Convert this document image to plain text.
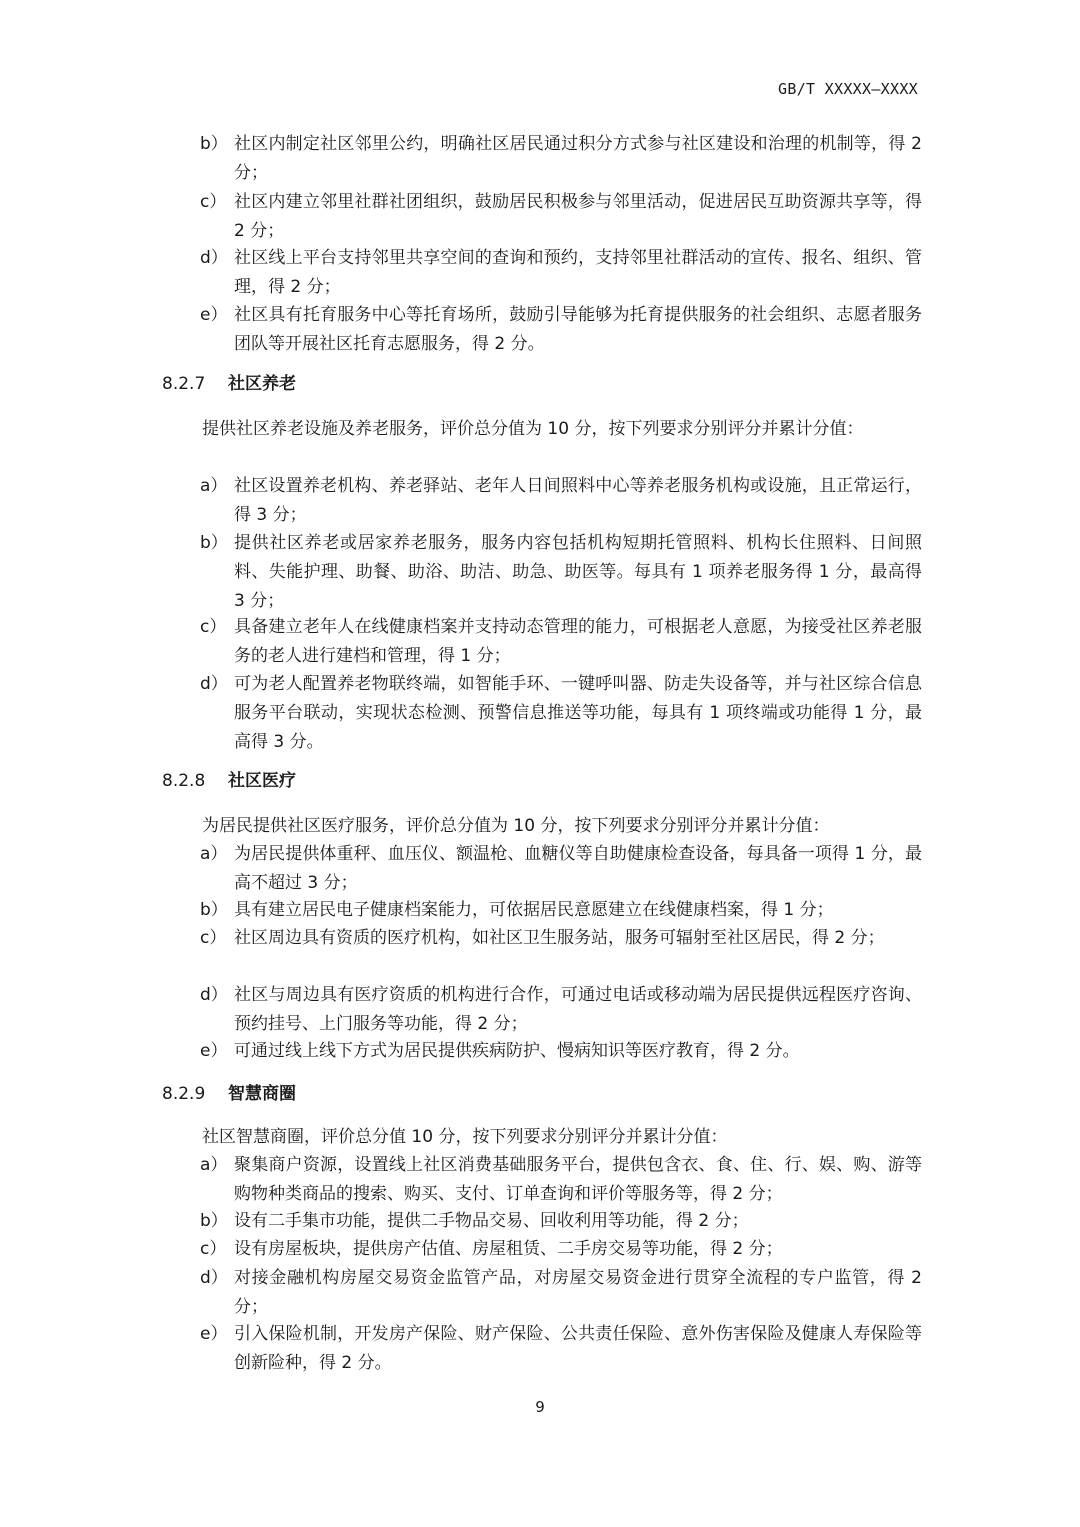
GB/T XXXXX—XXXX
b） 社区内制定社区邻里公约，明确社区居民通过积分方式参与社区建设和治理的机制等，得 2 分；
c） 社区内建立邻里社群社团组织，鼓励居民积极参与邻里活动，促进居民互助资源共享等，得 2 分；
d） 社区线上平台支持邻里共享空间的查询和预约，支持邻里社群活动的宣传、报名、组织、管理，得 2 分；
e） 社区具有托育服务中心等托育场所，鼓励引导能够为托育提供服务的社会组织、志愿者服务团队等开展社区托育志愿服务，得 2 分。
8.2.7 社区养老
提供社区养老设施及养老服务，评价总分值为 10 分，按下列要求分别评分并累计分值：
a） 社区设置养老机构、养老驿站、老年人日间照料中心等养老服务机构或设施，且正常运行，得 3 分；
b） 提供社区养老或居家养老服务，服务内容包括机构短期托管照料、机构长住照料、日间照料、失能护理、助餐、助浴、助洁、助急、助医等。每具有 1 项养老服务得 1 分，最高得 3 分；
c） 具备建立老年人在线健康档案并支持动态管理的能力，可根据老人意愿，为接受社区养老服务的老人进行建档和管理，得 1 分；
d） 可为老人配置养老物联终端，如智能手环、一键呼叫器、防走失设备等，并与社区综合信息服务平台联动，实现状态检测、预警信息推送等功能，每具有 1 项终端或功能得 1 分，最高得 3 分。
8.2.8 社区医疗
为居民提供社区医疗服务，评价总分值为 10 分，按下列要求分别评分并累计分值：
a） 为居民提供体重秤、血压仪、额温枪、血糖仪等自助健康检查设备，每具备一项得 1 分，最高不超过 3 分；
b） 具有建立居民电子健康档案能力，可依据居民意愿建立在线健康档案，得 1 分；
c） 社区周边具有资质的医疗机构，如社区卫生服务站，服务可辐射至社区居民，得 2 分；
d） 社区与周边具有医疗资质的机构进行合作，可通过电话或移动端为居民提供远程医疗咨询、预约挂号、上门服务等功能，得 2 分；
e） 可通过线上线下方式为居民提供疾病防护、慢病知识等医疗教育，得 2 分。
8.2.9 智慧商圈
社区智慧商圈，评价总分值 10 分，按下列要求分别评分并累计分值：
a） 聚集商户资源，设置线上社区消费基础服务平台，提供包含衣、食、住、行、娱、购、游等购物种类商品的搜索、购买、支付、订单查询和评价等服务等，得 2 分；
b） 设有二手集市功能，提供二手物品交易、回收利用等功能，得 2 分；
c） 设有房屋板块，提供房产估值、房屋租赁、二手房交易等功能，得 2 分；
d） 对接金融机构房屋交易资金监管产品，对房屋交易资金进行贯穿全流程的专户监管，得 2 分；
e） 引入保险机制，开发房产保险、财产保险、公共责任保险、意外伤害保险及健康人寿保险等创新险种，得 2 分。
9
